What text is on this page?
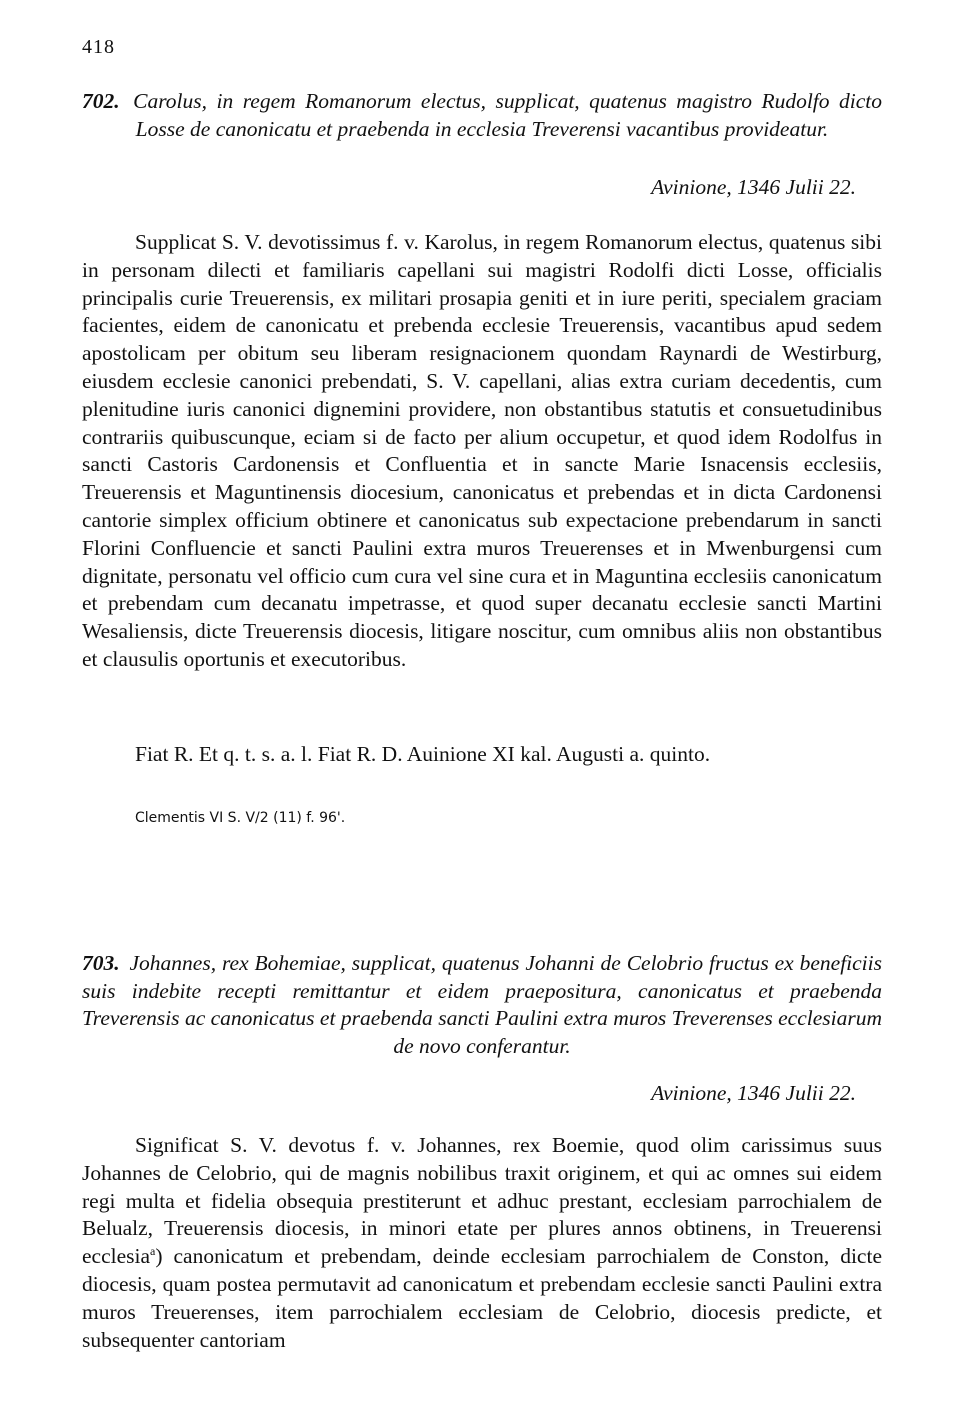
418
702. Carolus, in regem Romanorum electus, supplicat, quatenus magistro Rudolfo dicto Losse de canonicatu et praebenda in ecclesia Treverensi vacantibus provideatur.
Avinione, 1346 Julii 22.

Supplicat S. V. devotissimus f. v. Karolus, in regem Romanorum electus, quatenus sibi in personam dilecti et familiaris capellani sui magistri Rodolfi dicti Losse, officialis principalis curie Treuerensis, ex militari prosapia geniti et in iure periti, specialem graciam facientes, eidem de canonicatu et prebenda ecclesie Treuerensis, vacantibus apud sedem apostolicam per obitum seu liberam resignacionem quondam Raynardi de Westirburg, eiusdem ecclesie canonici prebendati, S. V. capellani, alias extra curiam decedentis, cum plenitudine iuris canonici dignemini providere, non obstantibus statutis et consuetudinibus contrariis quibuscunque, eciam si de facto per alium occupetur, et quod idem Rodolfus in sancti Castoris Cardonensis et Confluentia et in sancte Marie Isnacensis ecclesiis, Treuerensis et Maguntinensis diocesium, canonicatus et prebendas et in dicta Cardonensi cantorie simplex officium obtinere et canonicatus sub expectacione prebendarum in sancti Florini Confluencie et sancti Paulini extra muros Treuerenses et in Mwenburgensi cum dignitate, personatu vel officio cum cura vel sine cura et in Maguntina ecclesiis canonicatum et prebendam cum decanatu impetrasse, et quod super decanatu ecclesie sancti Martini Wesaliensis, dicte Treuerensis diocesis, litigare noscitur, cum omnibus aliis non obstantibus et clausulis oportunis et executoribus.

Fiat R. Et q. t. s. a. l. Fiat R. D. Auinione XI kal. Augusti a. quinto.
Clementis VI S. V/2 (11) f. 96'.
703. Johannes, rex Bohemiae, supplicat, quatenus Johanni de Celobrio fructus ex beneficiis suis indebite recepti remittantur et eidem praepositura, canonicatus et praebenda Treverensis ac canonicatus et praebenda sancti Paulini extra muros Treverenses ecclesiarum de novo conferantur.
Avinione, 1346 Julii 22.

Significat S. V. devotus f. v. Johannes, rex Boemie, quod olim carissimus suus Johannes de Celobrio, qui de magnis nobilibus traxit originem, et qui ac omnes sui eidem regi multa et fidelia obsequia prestiterunt et adhuc prestant, ecclesiam parrochialem de Belualz, Treuerensis diocesis, in minori etate per plures annos obtinens, in Treuerensi ecclesia$^a$) canonicatum et prebendam, deinde ecclesiam parrochialem de Conston, dicte diocesis, quam postea permutavit ad canonicatum et prebendam ecclesie sancti Paulini extra muros Treuerenses, item parrochialem ecclesiam de Celobrio, diocesis predicte, et subsequenter cantoriam
